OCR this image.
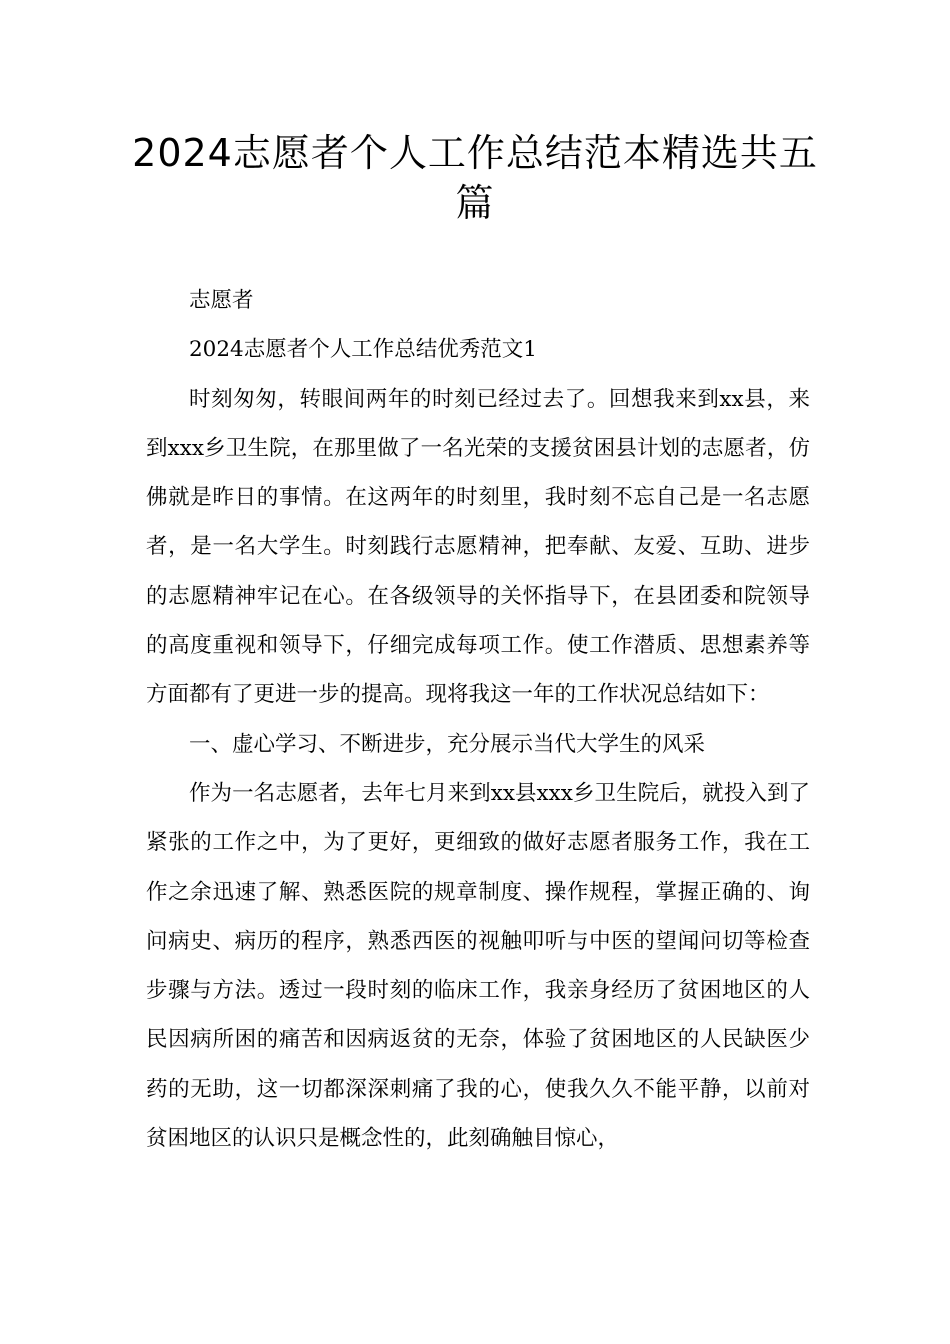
2024志愿者个人工作总结范本精选共五篇

志愿者

2024志愿者个人工作总结优秀范文1

时刻匆匆，转眼间两年的时刻已经过去了。回想我来到xx县，来到xxx乡卫生院，在那里做了一名光荣的支援贫困县计划的志愿者，仿佛就是昨日的事情。在这两年的时刻里，我时刻不忘自己是一名志愿者，是一名大学生。时刻践行志愿精神，把奉献、友爱、互助、进步的志愿精神牢记在心。在各级领导的关怀指导下，在县团委和院领导的高度重视和领导下，仔细完成每项工作。使工作潜质、思想素养等方面都有了更进一步的提高。现将我这一年的工作状况总结如下：

一、虚心学习、不断进步，充分展示当代大学生的风采

作为一名志愿者，去年七月来到xx县xxx乡卫生院后，就投入到了紧张的工作之中，为了更好，更细致的做好志愿者服务工作，我在工作之余迅速了解、熟悉医院的规章制度、操作规程，掌握正确的、询问病史、病历的程序，熟悉西医的视触叩听与中医的望闻问切等检查步骤与方法。透过一段时刻的临床工作，我亲身经历了贫困地区的人民因病所困的痛苦和因病返贫的无奈，体验了贫困地区的人民缺医少药的无助，这一切都深深刺痛了我的心，使我久久不能平静，以前对贫困地区的认识只是概念性的，此刻确触目惊心，
